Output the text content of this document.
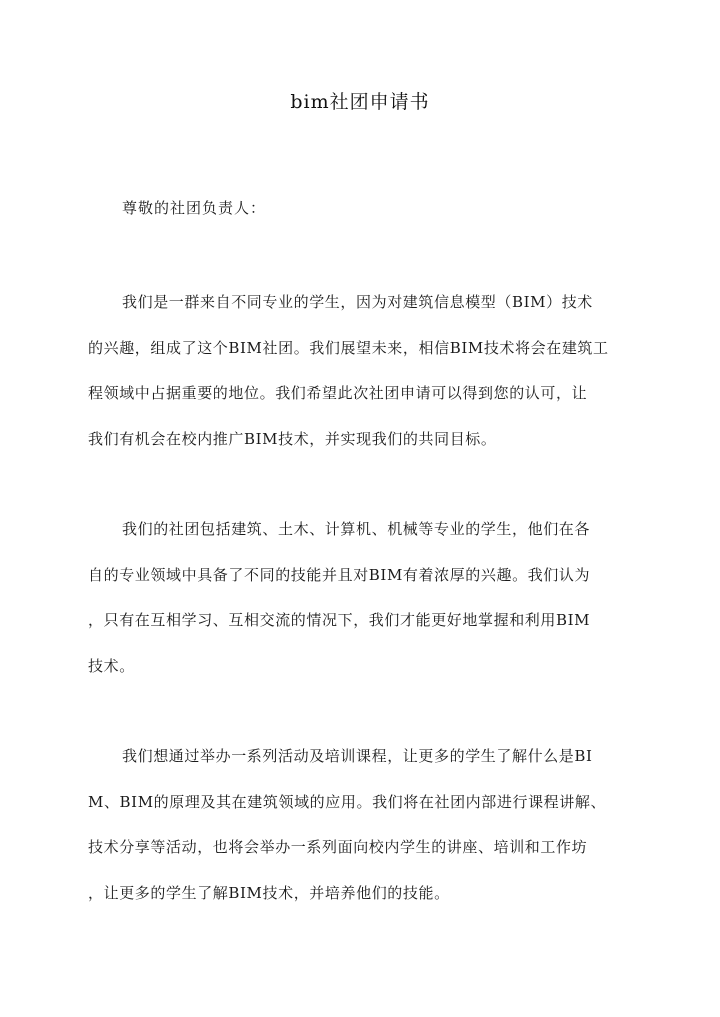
bim社团申请书
尊敬的社团负责人：
我们是一群来自不同专业的学生，因为对建筑信息模型（BIM）技术
的兴趣，组成了这个BIM社团。我们展望未来，相信BIM技术将会在建筑工
程领域中占据重要的地位。我们希望此次社团申请可以得到您的认可，让
我们有机会在校内推广BIM技术，并实现我们的共同目标。
我们的社团包括建筑、土木、计算机、机械等专业的学生，他们在各
自的专业领域中具备了不同的技能并且对BIM有着浓厚的兴趣。我们认为
，只有在互相学习、互相交流的情况下，我们才能更好地掌握和利用BIM
技术。
我们想通过举办一系列活动及培训课程，让更多的学生了解什么是BI
M、BIM的原理及其在建筑领域的应用。我们将在社团内部进行课程讲解、
技术分享等活动，也将会举办一系列面向校内学生的讲座、培训和工作坊
，让更多的学生了解BIM技术，并培养他们的技能。
